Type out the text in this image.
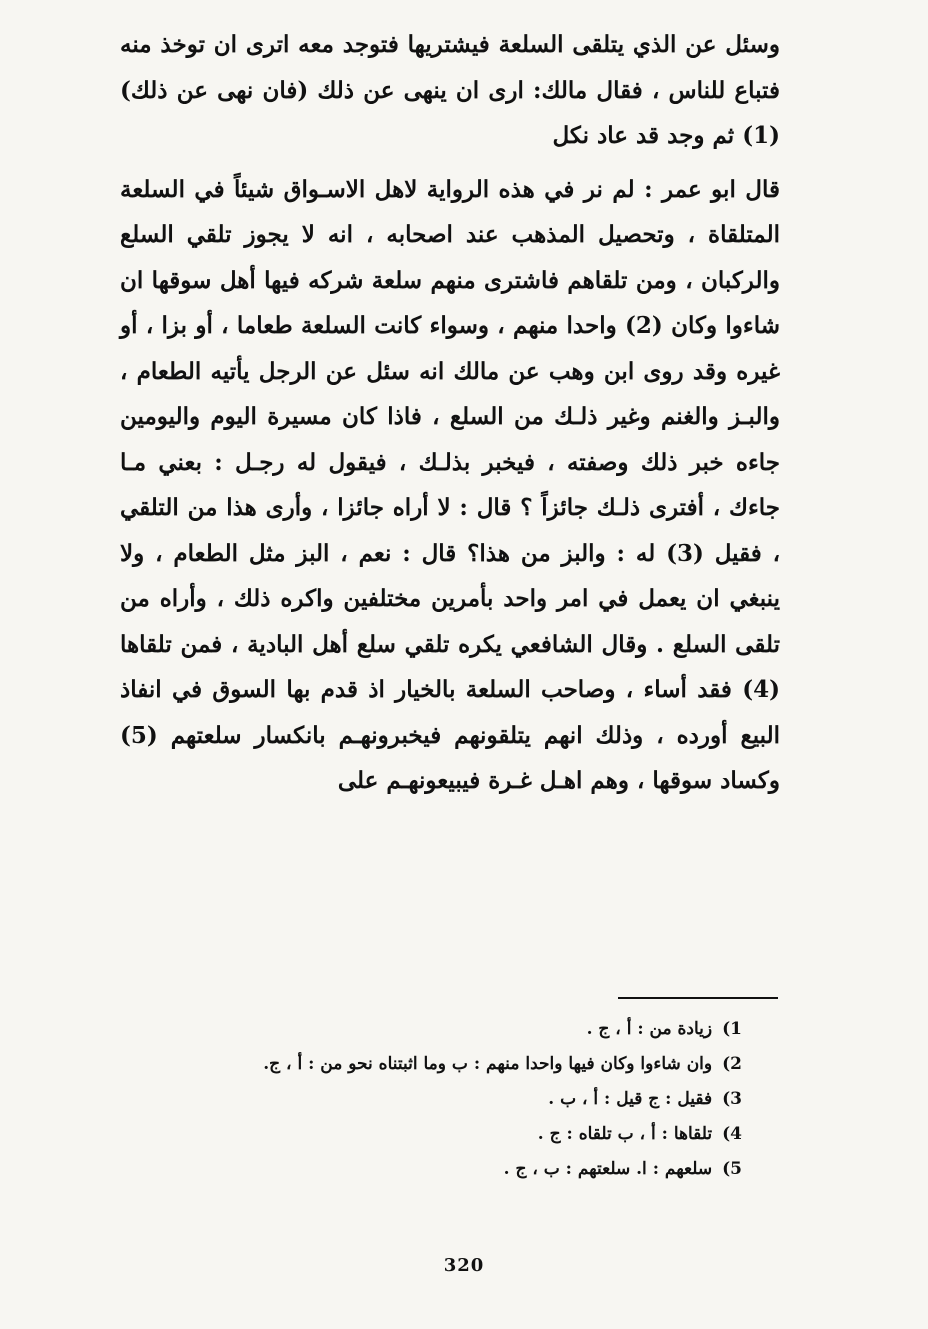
وسئل عن الذي يتلقى السلعة فيشتريها فتوجد معه اترى ان توخذ منه فتباع للناس ، فقال مالك: ارى ان ينهى عن ذلك (فان نهى عن ذلك) (1) ثم وجد قد عاد نكل

قال ابو عمر : لم نر في هذه الرواية لاهل الاسـواق شيئاً في السلعة المتلقاة ، وتحصيل المذهب عند اصحابه ، انه لا يجوز تلقي السلع والركبان ، ومن تلقاهم فاشترى منهم سلعة شركه فيها أهل سوقها ان شاءوا وكان (2) واحدا منهم ، وسواء كانت السلعة طعاما ، أو بزا ، أو غيره وقد روى ابن وهب عن مالك انه سئل عن الرجل يأتيه الطعام ، والبـز والغنم وغير ذلـك من السلع ، فاذا كان مسيرة اليوم واليومين جاءه خبر ذلك وصفته ، فيخبر بذلـك ، فيقول له رجـل : بعني مـا جاءك ، أفترى ذلـك جائزاً ؟ قال : لا أراه جائزا ، وأرى هذا من التلقي ، فقيل (3) له : والبز من هذا؟ قال : نعم ، البز مثل الطعام ، ولا ينبغي ان يعمل في امر واحد بأمرين مختلفين واكره ذلك ، وأراه من تلقى السلع . وقال الشافعي يكره تلقي سلع أهل البادية ، فمن تلقاها (4) فقد أساء ، وصاحب السلعة بالخيار اذ قدم بها السوق في انفاذ البيع أورده ، وذلك انهم يتلقونهم فيخبرونهـم بانكسار سلعتهم (5) وكساد سوقها ، وهم اهـل غـرة فيبيعونهـم على

1)زيادة من : أ ، ج .
2)وان شاءوا وكان فيها واحدا منهم : ب وما اثبتناه نحو من : أ ، ج.
3)فقيل : ج قيل : أ ، ب .
4)تلقاها : أ ، ب تلقاه : ج .
5)سلعهم : ا. سلعتهم : ب ، ج .
320
